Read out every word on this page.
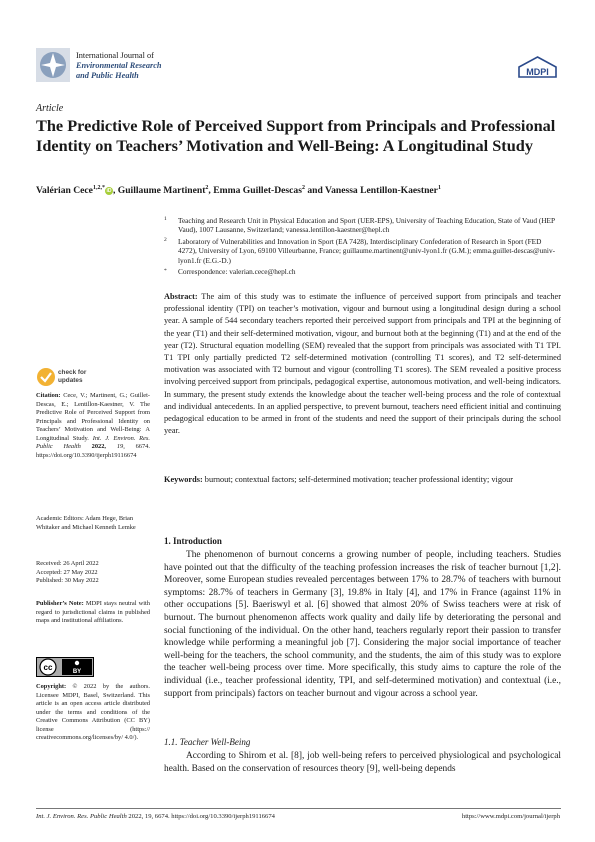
International Journal of
Environmental Research
and Public Health	MDPI
Article
The Predictive Role of Perceived Support from Principals and Professional Identity on Teachers’ Motivation and Well-Being: A Longitudinal Study
Valérian Cece$^{1,2,*}$iD , Guillaume Martinent$^2$, Emma Guillet-Descas$^2$ and Vanessa Lentillon-Kaestner$^1$
1 Teaching and Research Unit in Physical Education and Sport (UER-EPS), University of Teaching Education, State of Vaud (HEP Vaud), 1007 Lausanne, Switzerland; vanessa.lentillon-kaestner@hepl.ch
2 Laboratory of Vulnerabilities and Innovation in Sport (EA 7428), Interdisciplinary Confederation of Research in Sport (FED 4272), University of Lyon, 69100 Villeurbanne, France; guillaume.martinent@univ-lyon1.fr (G.M.); emma.guillet-descas@univ-lyon1.fr (E.G.-D.)
* Correspondence: valerian.cece@hepl.ch
Abstract: The aim of this study was to estimate the influence of perceived support from principals and teacher professional identity (TPI) on teacher’s motivation, vigour and burnout using a longitudinal design during a school year. A sample of 544 secondary teachers reported their perceived support from principals and TPI at the beginning of the year (T1) and their self-determined motivation, vigour, and burnout both at the beginning (T1) and at the end of the year (T2). Structural equation modelling (SEM) revealed that the support from principals was associated with T1 TPI. T1 TPI only partially predicted T2 self-determined motivation (controlling T1 scores), and T2 self-determined motivation was associated with T2 burnout and vigour (controlling T1 scores). The SEM revealed a positive process involving perceived support from principals, pedagogical expertise, autonomous motivation, and well-being indicators. In summary, the present study extends the knowledge about the teacher well-being process and the role of contextual and individual antecedents. In an applied perspective, to prevent burnout, teachers need efficient initial and continuing pedagogical education to be armed in front of the students and need the support of their principals during the school year.
Keywords: burnout; contextual factors; self-determined motivation; teacher professional identity; vigour
check for updates
Citation: Cece, V.; Martinent, G.; Guillet-Descas, E.; Lentillon-Kaestner, V. The Predictive Role of Perceived Support from Principals and Professional Identity on Teachers’ Motivation and Well-Being: A Longitudinal Study. Int. J. Environ. Res. Public Health 2022, 19, 6674. https://doi.org/10.3390/ijerph19116674
Academic Editors: Adam Hege, Brian Whitaker and Michael Kenneth Lemke
Received: 26 April 2022
Accepted: 27 May 2022
Published: 30 May 2022
Publisher’s Note: MDPI stays neutral with regard to jurisdictional claims in published maps and institutional affiliations.
cc	BY
Copyright: © 2022 by the authors. Licensee MDPI, Basel, Switzerland. This article is an open access article distributed under the terms and conditions of the Creative Commons Attribution (CC BY) license (https:// creativecommons.org/licenses/by/ 4.0/).
1. Introduction
The phenomenon of burnout concerns a growing number of people, including teachers. Studies have pointed out that the difficulty of the teaching profession increases the risk of teacher burnout [1,2]. Moreover, some European studies revealed percentages between 17% to 28.7% of teachers with burnout symptoms: 28.7% of teachers in Germany [3], 19.8% in Italy [4], and 17% in France (against 11% in other occupations [5]. Baeriswyl et al. [6] showed that almost 20% of Swiss teachers were at risk of burnout. The burnout phenomenon affects work quality and daily life by deteriorating the personal and social functioning of the individual. On the other hand, teachers regularly report their passion to transfer knowledge while performing a meaningful job [7]. Considering the major social importance of teacher well-being for the teachers, the school community, and the students, the aim of this study was to explore the teacher well-being process over time. More specifically, this study aims to capture the role of the individual (i.e., teacher professional identity, TPI, and self-determined motivation) and contextual (i.e., support from principals) factors on teacher burnout and vigour across a school year.
1.1. Teacher Well-Being
According to Shirom et al. [8], job well-being refers to perceived physiological and psychological health. Based on the conservation of resources theory [9], well-being depends
Int. J. Environ. Res. Public Health 2022, 19, 6674. https://doi.org/10.3390/ijerph19116674	https://www.mdpi.com/journal/ijerph
